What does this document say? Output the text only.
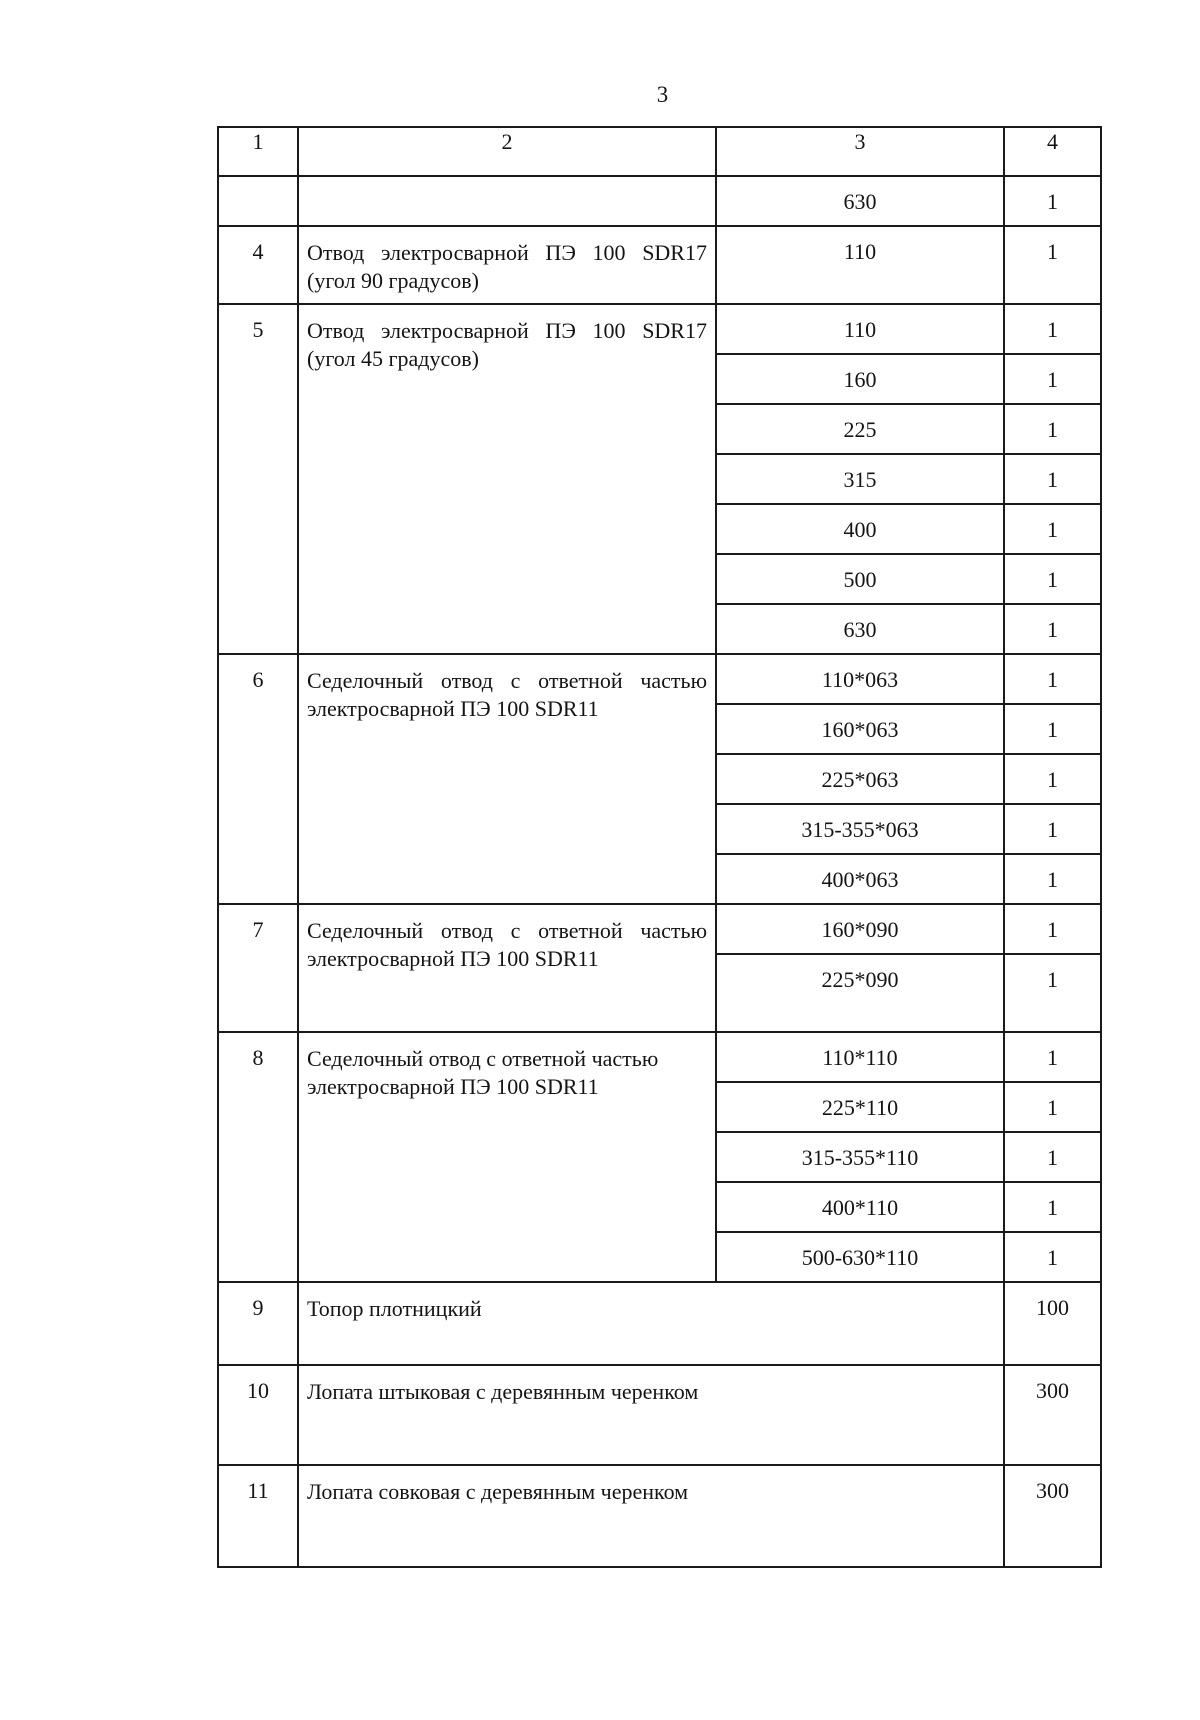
3
1	2	3	4
		630	1
4	Отвод электросварной ПЭ 100 SDR17 (угол 90 градусов)	110	1
5	Отвод электросварной ПЭ 100 SDR17 (угол 45 градусов)	110	1
		160	1
		225	1
		315	1
		400	1
		500	1
		630	1
6	Седелочный отвод с ответной частью электросварной ПЭ 100 SDR11	110*063	1
		160*063	1
		225*063	1
		315-355*063	1
		400*063	1
7	Седелочный отвод с ответной частью электросварной ПЭ 100 SDR11	160*090	1
		225*090	1
8	Седелочный отвод с ответной частью электросварной ПЭ 100 SDR11	110*110	1
		225*110	1
		315-355*110	1
		400*110	1
		500-630*110	1
9	Топор плотницкий		100
10	Лопата штыковая с деревянным черенком		300
11	Лопата совковая с деревянным черенком		300
